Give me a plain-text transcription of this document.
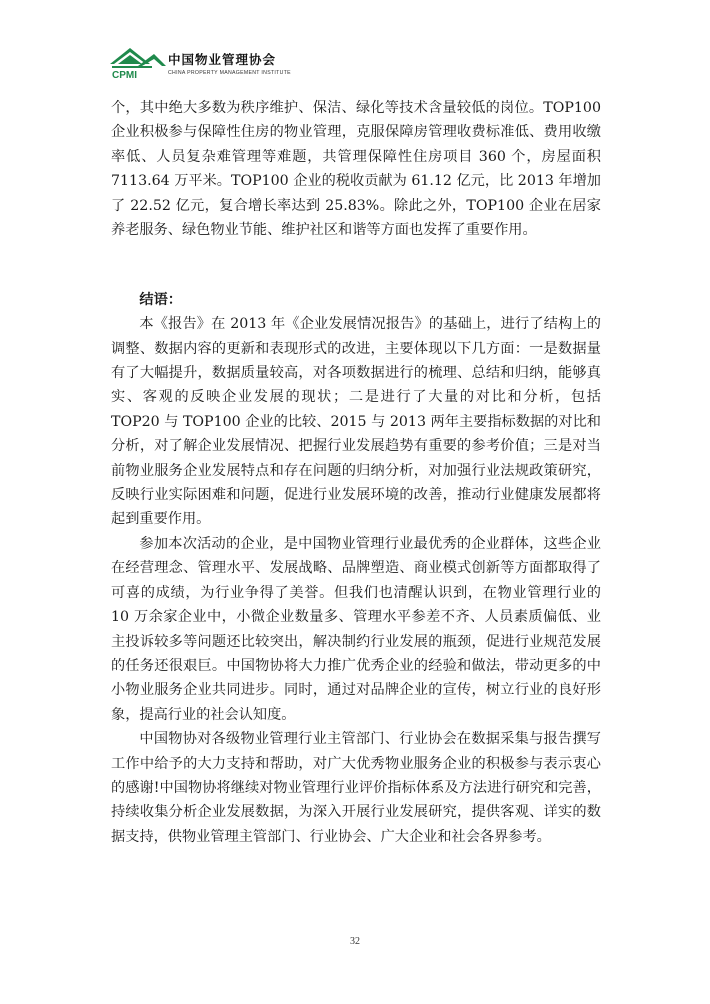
CPMI
中国物业管理协会
CHINA PROPERTY MANAGEMENT INSTITUTE

个，其中绝大多数为秩序维护、保洁、绿化等技术含量较低的岗位。TOP100 企业积极参与保障性住房的物业管理，克服保障房管理收费标准低、费用收缴率低、人员复杂难管理等难题，共管理保障性住房项目 360 个，房屋面积 7113.64 万平米。TOP100 企业的税收贡献为 61.12 亿元，比 2013 年增加了 22.52 亿元，复合增长率达到 25.83%。除此之外，TOP100 企业在居家养老服务、绿色物业节能、维护社区和谐等方面也发挥了重要作用。

结语：

本《报告》在 2013 年《企业发展情况报告》的基础上，进行了结构上的调整、数据内容的更新和表现形式的改进，主要体现以下几方面：一是数据量有了大幅提升，数据质量较高，对各项数据进行的梳理、总结和归纳，能够真实、客观的反映企业发展的现状；二是进行了大量的对比和分析，包括 TOP20 与 TOP100 企业的比较、2015 与 2013 两年主要指标数据的对比和分析，对了解企业发展情况、把握行业发展趋势有重要的参考价值；三是对当前物业服务企业发展特点和存在问题的归纳分析，对加强行业法规政策研究，反映行业实际困难和问题，促进行业发展环境的改善，推动行业健康发展都将起到重要作用。

参加本次活动的企业，是中国物业管理行业最优秀的企业群体，这些企业在经营理念、管理水平、发展战略、品牌塑造、商业模式创新等方面都取得了可喜的成绩，为行业争得了美誉。但我们也清醒认识到，在物业管理行业的 10 万余家企业中，小微企业数量多、管理水平参差不齐、人员素质偏低、业主投诉较多等问题还比较突出，解决制约行业发展的瓶颈，促进行业规范发展的任务还很艰巨。中国物协将大力推广优秀企业的经验和做法，带动更多的中小物业服务企业共同进步。同时，通过对品牌企业的宣传，树立行业的良好形象，提高行业的社会认知度。

中国物协对各级物业管理行业主管部门、行业协会在数据采集与报告撰写工作中给予的大力支持和帮助，对广大优秀物业服务企业的积极参与表示衷心的感谢!中国物协将继续对物业管理行业评价指标体系及方法进行研究和完善，持续收集分析企业发展数据，为深入开展行业发展研究，提供客观、详实的数据支持，供物业管理主管部门、行业协会、广大企业和社会各界参考。

32
